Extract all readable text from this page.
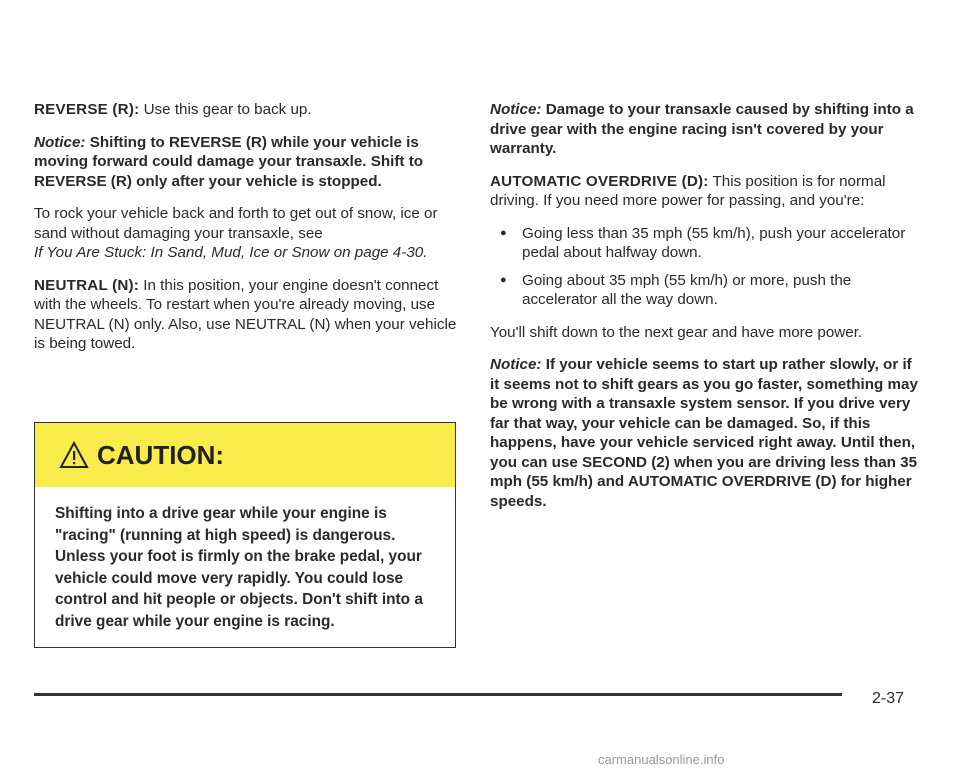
REVERSE (R): Use this gear to back up.

Notice: Shifting to REVERSE (R) while your vehicle is moving forward could damage your transaxle. Shift to REVERSE (R) only after your vehicle is stopped.

To rock your vehicle back and forth to get out of snow, ice or sand without damaging your transaxle, see
If You Are Stuck: In Sand, Mud, Ice or Snow on page 4-30.

NEUTRAL (N): In this position, your engine doesn't connect with the wheels. To restart when you're already moving, use NEUTRAL (N) only. Also, use NEUTRAL (N) when your vehicle is being towed.

CAUTION:
Shifting into a drive gear while your engine is "racing" (running at high speed) is dangerous. Unless your foot is firmly on the brake pedal, your vehicle could move very rapidly. You could lose control and hit people or objects. Don't shift into a drive gear while your engine is racing.

Notice: Damage to your transaxle caused by shifting into a drive gear with the engine racing isn't covered by your warranty.

AUTOMATIC OVERDRIVE (D): This position is for normal driving. If you need more power for passing, and you're:

● Going less than 35 mph (55 km/h), push your accelerator pedal about halfway down.
● Going about 35 mph (55 km/h) or more, push the accelerator all the way down.

You'll shift down to the next gear and have more power.

Notice: If your vehicle seems to start up rather slowly, or if it seems not to shift gears as you go faster, something may be wrong with a transaxle system sensor. If you drive very far that way, your vehicle can be damaged. So, if this happens, have your vehicle serviced right away. Until then, you can use SECOND (2) when you are driving less than 35 mph (55 km/h) and AUTOMATIC OVERDRIVE (D) for higher speeds.

2-37
carmanualsonline.info
